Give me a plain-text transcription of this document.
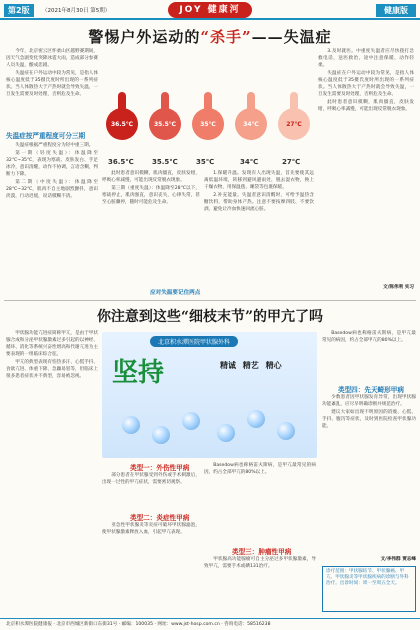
第2版	（2021年8月30日 第5期）	JOY 健康河	健康版
警惕户外运动的“杀手”——失温症

今年，北京密云区怀柔山区越野赛期间，因天气急剧变化突降冰雹大雨，造成部分参赛人员失温，酿成悲剧。

失温症在户外运动中较为常见，是指人体核心温度低于35摄氏度时所出现的一系列症状。当人体散热大于产热时就会导致失温，一旦发生需要及时处理，否则危及生命。

失温症按严重程度可分三期

失温症根据严重程度分为轻中重三期。

第一期（轻度失温）：体温降至32℃~35℃，表现为寒战、皮肤发白、手足冰冷，意识清醒，动作不协调，言语含糊，判断力下降。

第二期（中度失温）：体温降至28℃~32℃，肌肉不自主地剧烈颤抖，意识淡漠，行动迟缓，说话模糊不清。

36.5℃	35.5℃	35℃	34℃	27℃
36.5℃	35.5℃	35℃	34℃	27℃

此时患者意识模糊，肌肉僵直，皮肤发绀，呼吸心率减慢，可能出现反常脱衣现象。

第三期（重度失温）：体温降至28℃以下，寒战停止，肌肉强直，意识丧失，心律失常，甚至心脏骤停，随时可能危及生命。

应对失温要记住两点

1.保暖升温。发现有人出现失温，首先要使其远离低温环境，转移到避风避雨处，脱去湿衣物，换上干燥衣物，用保温毯、睡袋等包裹保暖。

2.补充能量。失温者意识清醒时，可给予温热含糖饮料，帮助身体产热。注意不要按摩四肢、不要饮酒，避免让冷血快速回流心脏。

3.及时就医。中重度失温者应尽快拨打急救电话，送医救治，途中注意保暖、动作轻柔。

失温症在户外运动中较为常见，是指人体核心温度低于35摄氏度时所出现的一系列症状。当人体散热大于产热时就会导致失温，一旦发生需要及时处理，否则危及生命。

此时患者意识模糊，肌肉僵直，皮肤发绀，呼吸心率减慢，可能出现反常脱衣现象。

文/陈伟利 实习
你注意到这些“细枝末节”的甲亢了吗

甲状腺功能亢进症简称甲亢，是由于甲状腺合成和分泌甲状腺激素过多引起的以神经、循环、消化等系统兴奋性增高和代谢亢进为主要表现的一组临床综合征。

甲亢的典型表现有怕热多汗、心慌手抖、食欲亢进、体重下降、急躁易怒等，但临床上很多患者症状并不典型，容易被忽视。

北京积水潭医院甲状腺外科
坚持	精诚 精艺 精心
类型一：外伤性甲病

部分患者在甲状腺受到外伤或手术刺激后，出现一过性的甲亢症状，需要密切观察。

类型二：炎症性甲病

亚急性甲状腺炎等炎症可破坏甲状腺滤泡，使甲状腺激素释放入血，引起甲亢表现。

Basedow病也称格雷夫斯病，是甲亢最常见的病因，约占全部甲亢的80%以上。

类型三：肿瘤性甲病

甲状腺高功能腺瘤可自主分泌过多甲状腺激素，导致甲亢，需要手术或碘131治疗。

Basedow病也称格雷夫斯病，是甲亢最常见的病因，约占全部甲亢的80%以上。

类型四：先天畸形甲病

少数患者因甲状腺发育异常，出现甲状腺功能紊乱，应尽早明确诊断并规范治疗。

建议大家如出现不明原因的消瘦、心慌、手抖、腹泻等症状，及时到医院检查甲状腺功能。

文/李伟群 贾志峰
诊疗范围：甲状腺结节、甲状腺癌、甲亢、甲状腺炎等甲状腺疾病的诊断与外科治疗。出诊时间：周一至周五全天。
北京积水潭医院健康报 · 北京市西城区新街口东街31号 · 邮编：100035 · 网址：www.jst-hosp.com.cn · 咨询电话：58516238
